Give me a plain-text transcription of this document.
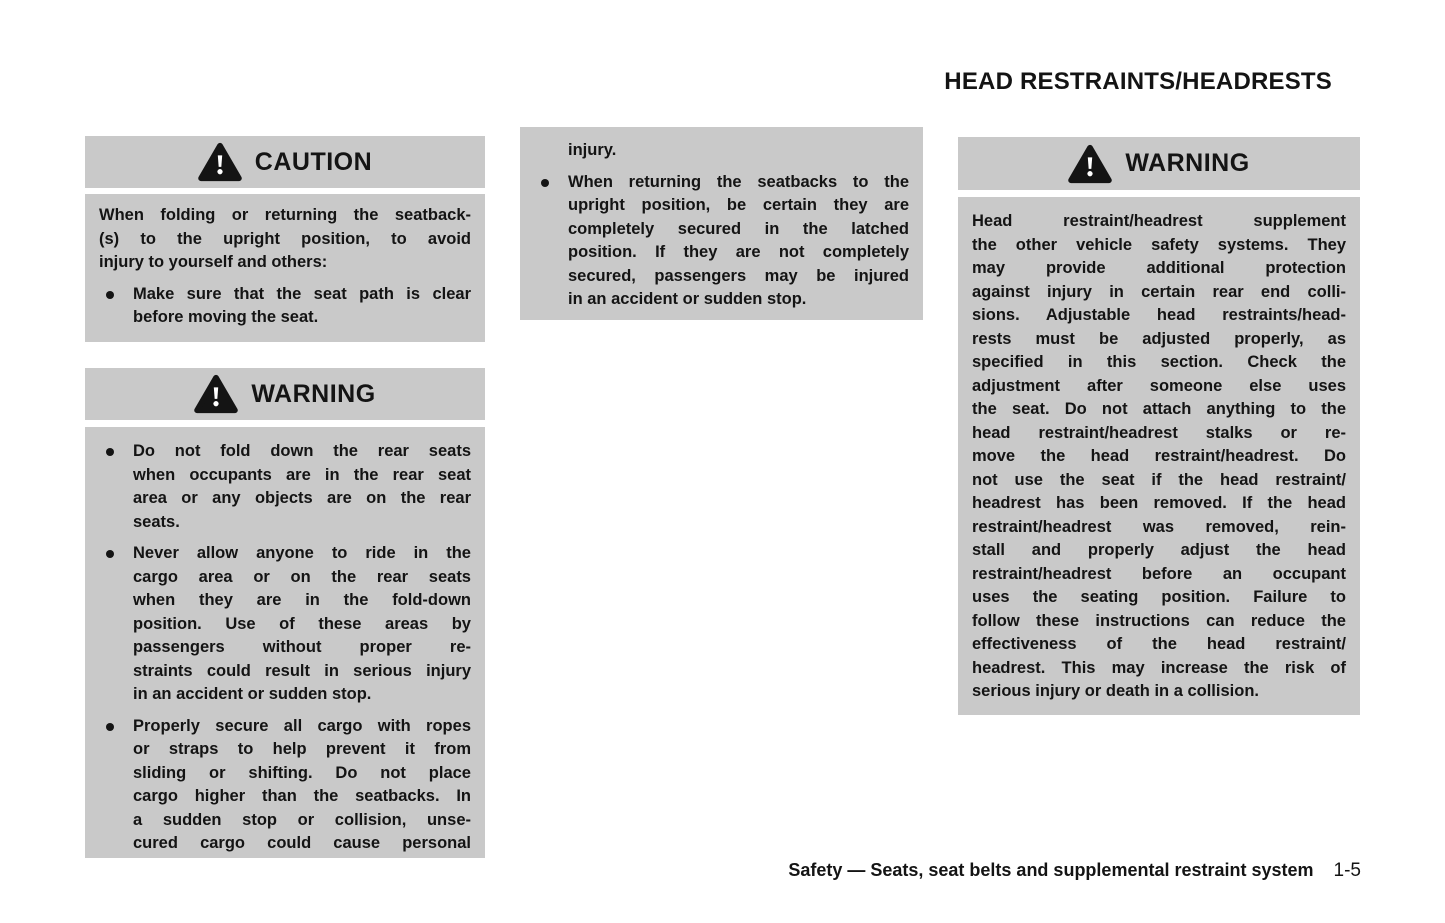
HEAD RESTRAINTS/HEADRESTS
CAUTION
When folding or returning the seatback-
(s) to the upright position, to avoid
injury to yourself and others:
Make sure that the seat path is clear
before moving the seat.
WARNING
Do not fold down the rear seats
when occupants are in the rear seat
area or any objects are on the rear
seats.
Never allow anyone to ride in the
cargo area or on the rear seats
when they are in the fold-down
position. Use of these areas by
passengers without proper re-
straints could result in serious injury
in an accident or sudden stop.
Properly secure all cargo with ropes
or straps to help prevent it from
sliding or shifting. Do not place
cargo higher than the seatbacks. In
a sudden stop or collision, unse-
cured cargo could cause personal
injury.
When returning the seatbacks to the
upright position, be certain they are
completely secured in the latched
position. If they are not completely
secured, passengers may be injured
in an accident or sudden stop.
WARNING
Head restraint/headrest supplement
the other vehicle safety systems. They
may provide additional protection
against injury in certain rear end colli-
sions. Adjustable head restraints/head-
rests must be adjusted properly, as
specified in this section. Check the
adjustment after someone else uses
the seat. Do not attach anything to the
head restraint/headrest stalks or re-
move the head restraint/headrest. Do
not use the seat if the head restraint/
headrest has been removed. If the head
restraint/headrest was removed, rein-
stall and properly adjust the head
restraint/headrest before an occupant
uses the seating position. Failure to
follow these instructions can reduce the
effectiveness of the head restraint/
headrest. This may increase the risk of
serious injury or death in a collision.
Safety — Seats, seat belts and supplemental restraint system 1-5
